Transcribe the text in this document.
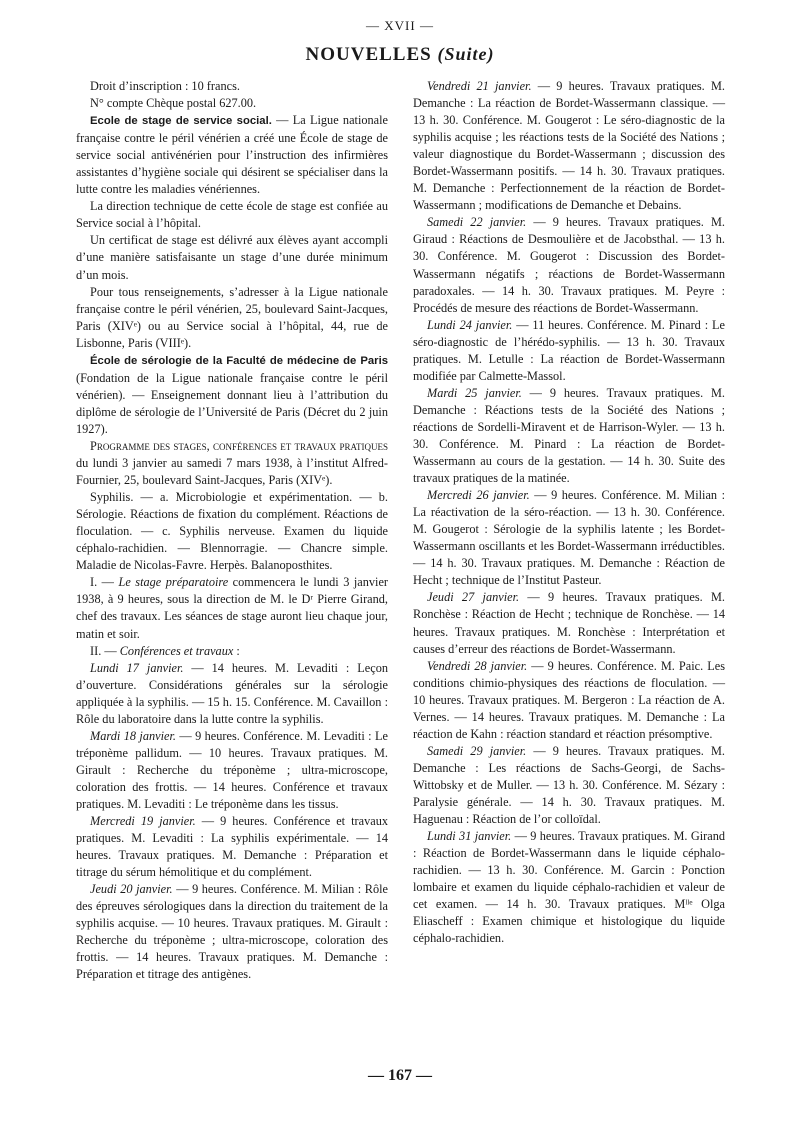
— XVII —
NOUVELLES (Suite)

Droit d’inscription : 10 francs.

N° compte Chèque postal 627.00.

Ecole de stage de service social. — La Ligue nationale française contre le péril vénérien a créé une École de stage de service social antivénérien pour l’instruction des infirmières assistantes d’hygiène sociale qui désirent se spécialiser dans la lutte contre les maladies vénériennes.

La direction technique de cette école de stage est confiée au Service social à l’hôpital.

Un certificat de stage est délivré aux élèves ayant accompli d’une manière satisfaisante un stage d’une durée minimum d’un mois.

Pour tous renseignements, s’adresser à la Ligue nationale française contre le péril vénérien, 25, boulevard Saint-Jacques, Paris (XIVᵉ) ou au Service social à l’hôpital, 44, rue de Lisbonne, Paris (VIIIᵉ).

École de sérologie de la Faculté de médecine de Paris (Fondation de la Ligue nationale française contre le péril vénérien). — Enseignement donnant lieu à l’attribution du diplôme de sérologie de l’Université de Paris (Décret du 2 juin 1927).

Programme des stages, conférences et travaux pratiques du lundi 3 janvier au samedi 7 mars 1938, à l’institut Alfred-Fournier, 25, boulevard Saint-Jacques, Paris (XIVᵉ).

Syphilis. — a. Microbiologie et expérimentation. — b. Sérologie. Réactions de fixation du complément. Réactions de floculation. — c. Syphilis nerveuse. Examen du liquide céphalo-rachidien. — Blennorragie. — Chancre simple. Maladie de Nicolas-Favre. Herpès. Balanoposthites.

I. — Le stage préparatoire commencera le lundi 3 janvier 1938, à 9 heures, sous la direction de M. le Dʳ Pierre Girand, chef des travaux. Les séances de stage auront lieu chaque jour, matin et soir.

II. — Conférences et travaux :

Lundi 17 janvier. — 14 heures. M. Levaditi : Leçon d’ouverture. Considérations générales sur la sérologie appliquée à la syphilis. — 15 h. 15. Conférence. M. Cavaillon : Rôle du laboratoire dans la lutte contre la syphilis.

Mardi 18 janvier. — 9 heures. Conférence. M. Levaditi : Le tréponème pallidum. — 10 heures. Travaux pratiques. M. Girault : Recherche du tréponème ; ultra-microscope, coloration des frottis. — 14 heures. Conférence et travaux pratiques. M. Levaditi : Le tréponème dans les tissus.

Mercredi 19 janvier. — 9 heures. Conférence et travaux pratiques. M. Levaditi : La syphilis expérimentale. — 14 heures. Travaux pratiques. M. Demanche : Préparation et titrage du sérum hémolitique et du complément.

Jeudi 20 janvier. — 9 heures. Conférence. M. Milian : Rôle des épreuves sérologiques dans la direction du traitement de la syphilis acquise. — 10 heures. Travaux pratiques. M. Girault : Recherche du tréponème ; ultra-microscope, coloration des frottis. — 14 heures. Travaux pratiques. M. Demanche : Préparation et titrage des antigènes.

Vendredi 21 janvier. — 9 heures. Travaux pratiques. M. Demanche : La réaction de Bordet-Wassermann classique. — 13 h. 30. Conférence. M. Gougerot : Le séro-diagnostic de la syphilis acquise ; les réactions tests de la Société des Nations ; valeur diagnostique du Bordet-Wassermann ; discussion des Bordet-Wassermann positifs. — 14 h. 30. Travaux pratiques. M. Demanche : Perfectionnement de la réaction de Bordet-Wassermann ; modifications de Demanche et Debains.

Samedi 22 janvier. — 9 heures. Travaux pratiques. M. Giraud : Réactions de Desmoulière et de Jacobsthal. — 13 h. 30. Conférence. M. Gougerot : Discussion des Bordet-Wassermann négatifs ; réactions de Bordet-Wassermann paradoxales. — 14 h. 30. Travaux pratiques. M. Peyre : Procédés de mesure des réactions de Bordet-Wassermann.

Lundi 24 janvier. — 11 heures. Conférence. M. Pinard : Le séro-diagnostic de l’hérédo-syphilis. — 13 h. 30. Travaux pratiques. M. Letulle : La réaction de Bordet-Wassermann modifiée par Calmette-Massol.

Mardi 25 janvier. — 9 heures. Travaux pratiques. M. Demanche : Réactions tests de la Société des Nations ; réactions de Sordelli-Miravent et de Harrison-Wyler. — 13 h. 30. Conférence. M. Pinard : La réaction de Bordet-Wassermann au cours de la gestation. — 14 h. 30. Suite des travaux pratiques de la matinée.

Mercredi 26 janvier. — 9 heures. Conférence. M. Milian : La réactivation de la séro-réaction. — 13 h. 30. Conférence. M. Gougerot : Sérologie de la syphilis latente ; les Bordet-Wassermann oscillants et les Bordet-Wassermann irréductibles. — 14 h. 30. Travaux pratiques. M. Demanche : Réaction de Hecht ; technique de l’Institut Pasteur.

Jeudi 27 janvier. — 9 heures. Travaux pratiques. M. Ronchèse : Réaction de Hecht ; technique de Ronchèse. — 14 heures. Travaux pratiques. M. Ronchèse : Interprétation et causes d’erreur des réactions de Bordet-Wassermann.

Vendredi 28 janvier. — 9 heures. Conférence. M. Paic. Les conditions chimio-physiques des réactions de floculation. — 10 heures. Travaux pratiques. M. Bergeron : La réaction de A. Vernes. — 14 heures. Travaux pratiques. M. Demanche : La réaction de Kahn : réaction standard et réaction présomptive.

Samedi 29 janvier. — 9 heures. Travaux pratiques. M. Demanche : Les réactions de Sachs-Georgi, de Sachs-Wittobsky et de Muller. — 13 h. 30. Conférence. M. Sézary : Paralysie générale. — 14 h. 30. Travaux pratiques. M. Haguenau : Réaction de l’or colloïdal.

Lundi 31 janvier. — 9 heures. Travaux pratiques. M. Girand : Réaction de Bordet-Wassermann dans le liquide céphalo-rachidien. — 13 h. 30. Conférence. M. Garcin : Ponction lombaire et examen du liquide céphalo-rachidien et valeur de cet examen. — 14 h. 30. Travaux pratiques. Mˡˡᵉ Olga Eliascheff : Examen chimique et histologique du liquide céphalo-rachidien.

— 167 —
